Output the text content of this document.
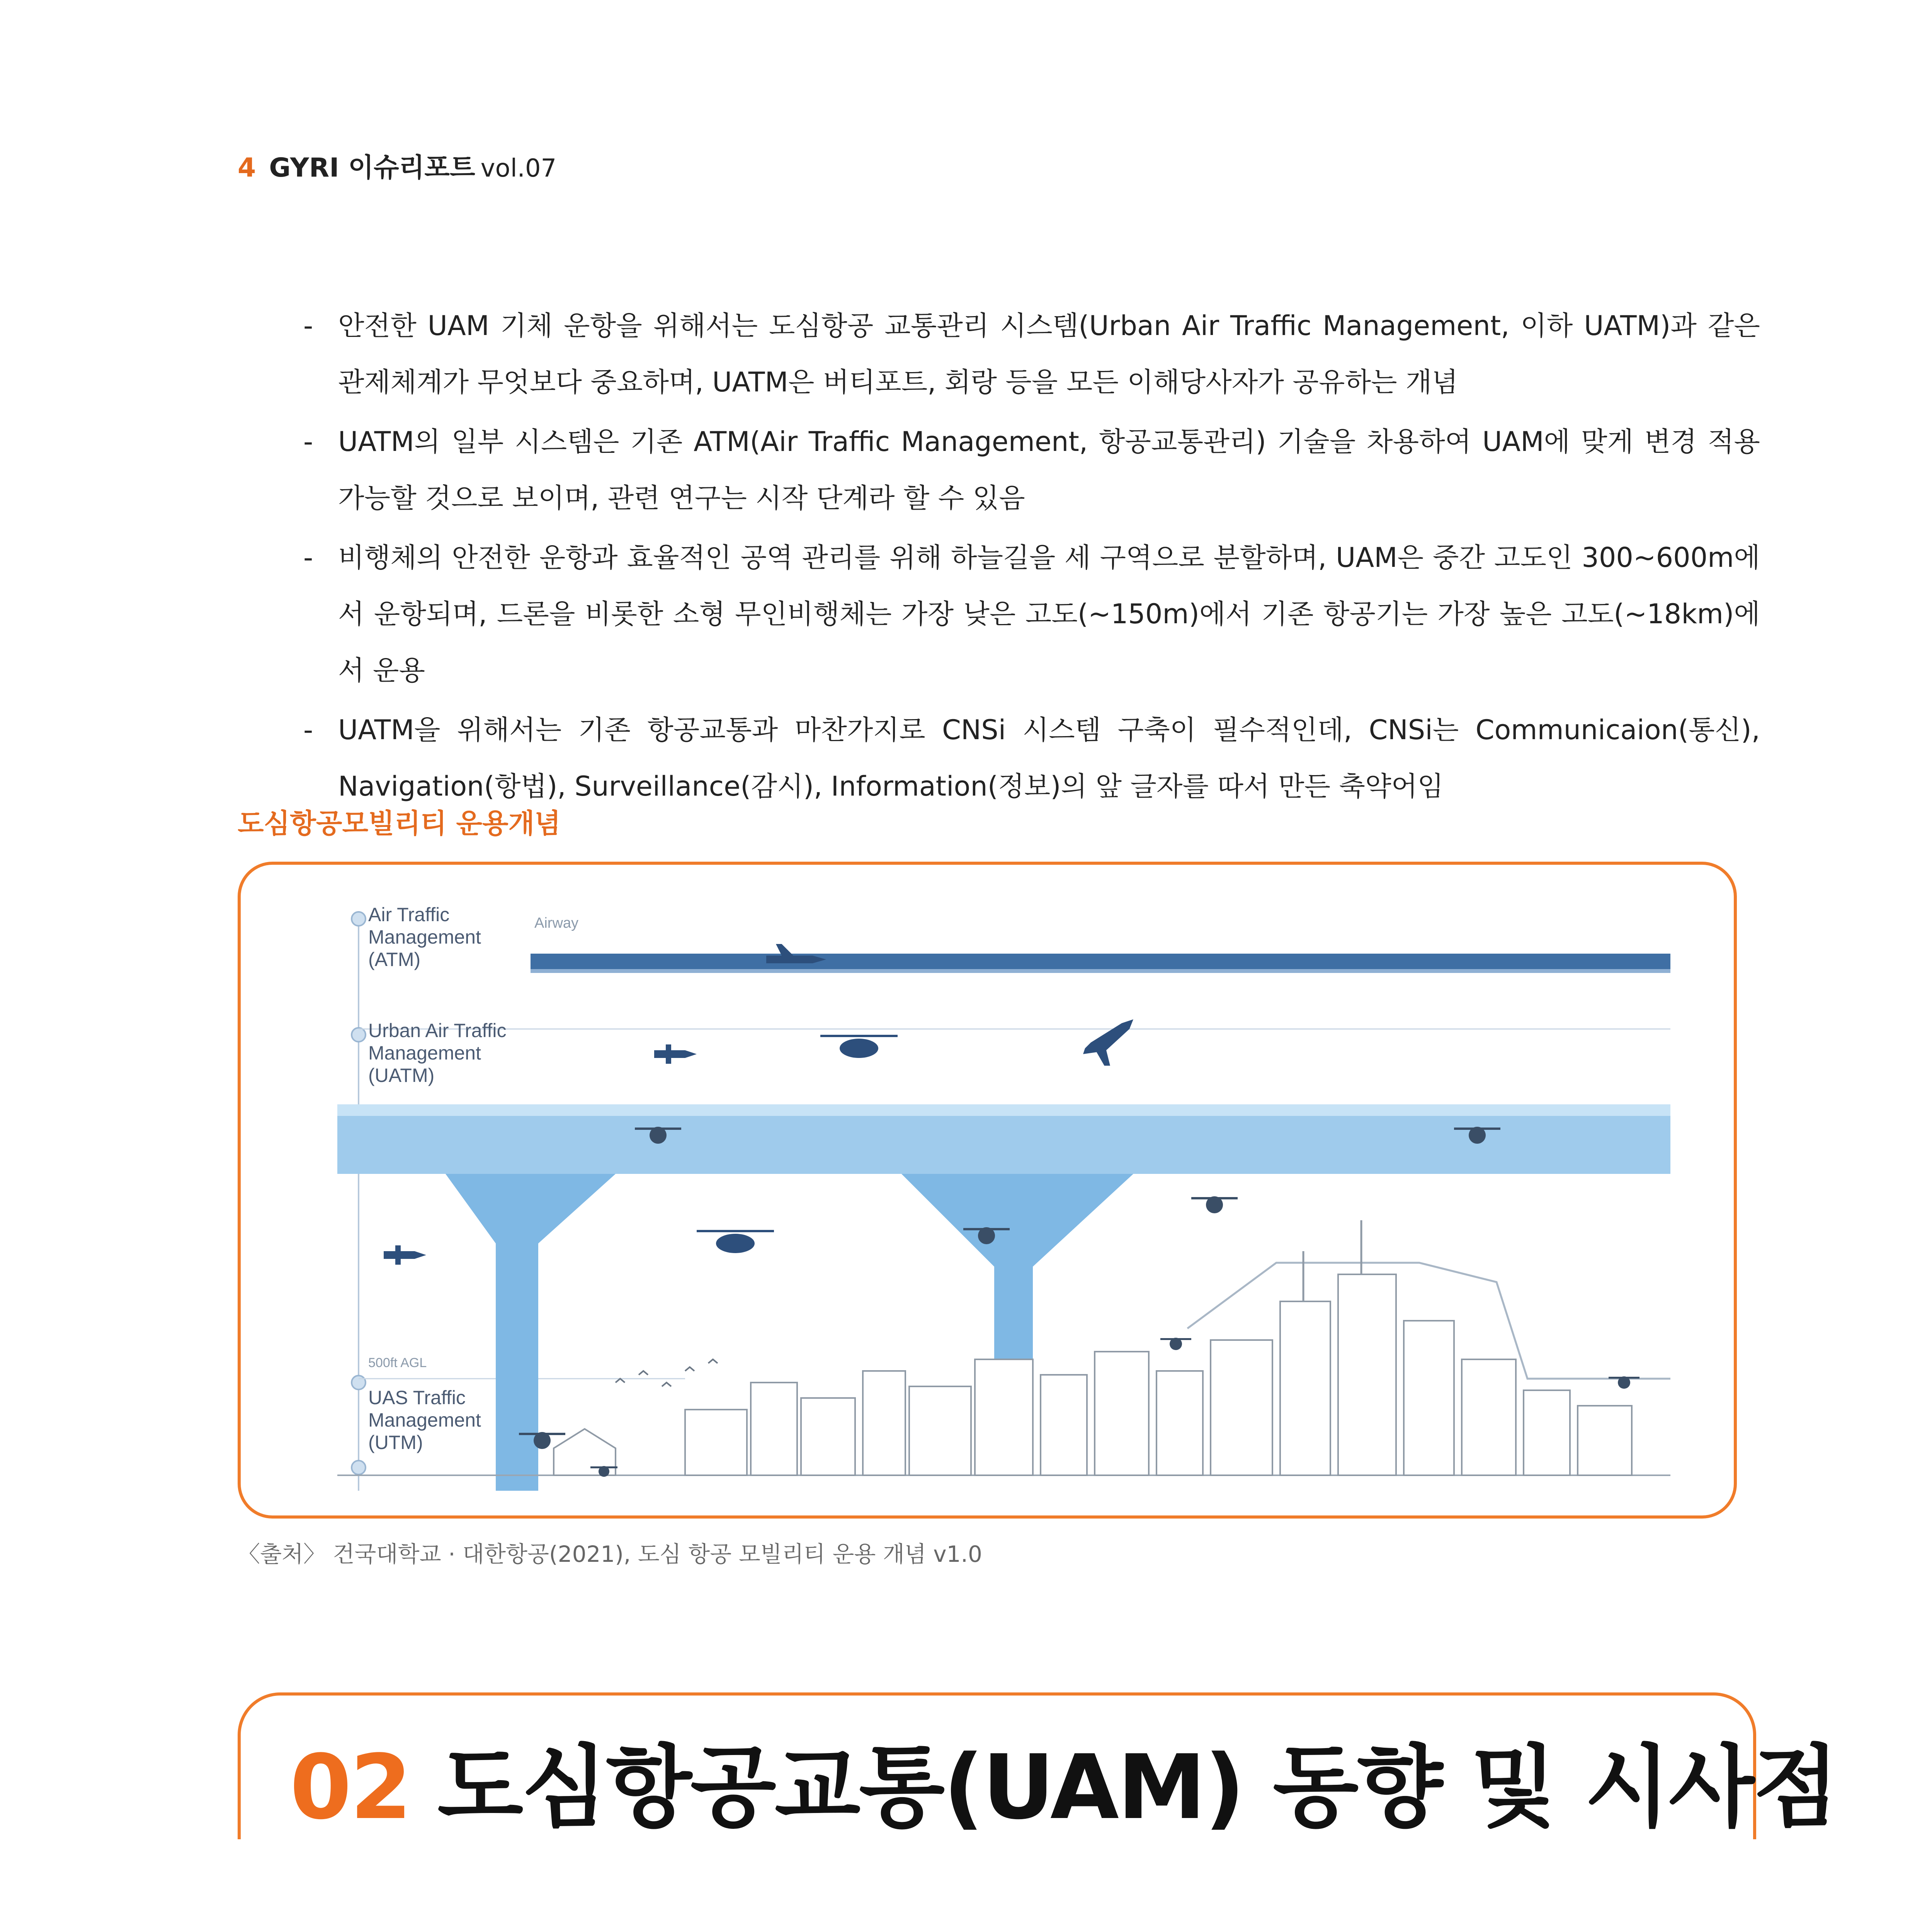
4 GYRI 이슈리포트 vol.07
- 안전한 UAM 기체 운항을 위해서는 도심항공 교통관리 시스템(Urban Air Traffic Management, 이하 UATM)과 같은 관제체계가 무엇보다 중요하며, UATM은 버티포트, 회랑 등을 모든 이해당사자가 공유하는 개념
- UATM의 일부 시스템은 기존 ATM(Air Traffic Management, 항공교통관리) 기술을 차용하여 UAM에 맞게 변경 적용 가능할 것으로 보이며, 관련 연구는 시작 단계라 할 수 있음
- 비행체의 안전한 운항과 효율적인 공역 관리를 위해 하늘길을 세 구역으로 분할하며, UAM은 중간 고도인 300~600m에서 운항되며, 드론을 비롯한 소형 무인비행체는 가장 낮은 고도(~150m)에서 기존 항공기는 가장 높은 고도(~18km)에서 운용
- UATM을 위해서는 기존 항공교통과 마찬가지로 CNSi 시스템 구축이 필수적인데, CNSi는 Communicaion(통신), Navigation(항법), Surveillance(감시), Information(정보)의 앞 글자를 따서 만든 축약어임
도심항공모빌리티 운용개념
Air Traffic
Management
(ATM)
Airway
Urban Air Traffic
Management
(UATM)
500ft AGL
UAS Traffic
Management
(UTM)
〈출처〉 건국대학교 · 대한항공(2021), 도심 항공 모빌리티 운용 개념 v1.0
02 도심항공교통(UAM) 동향 및 시사점
